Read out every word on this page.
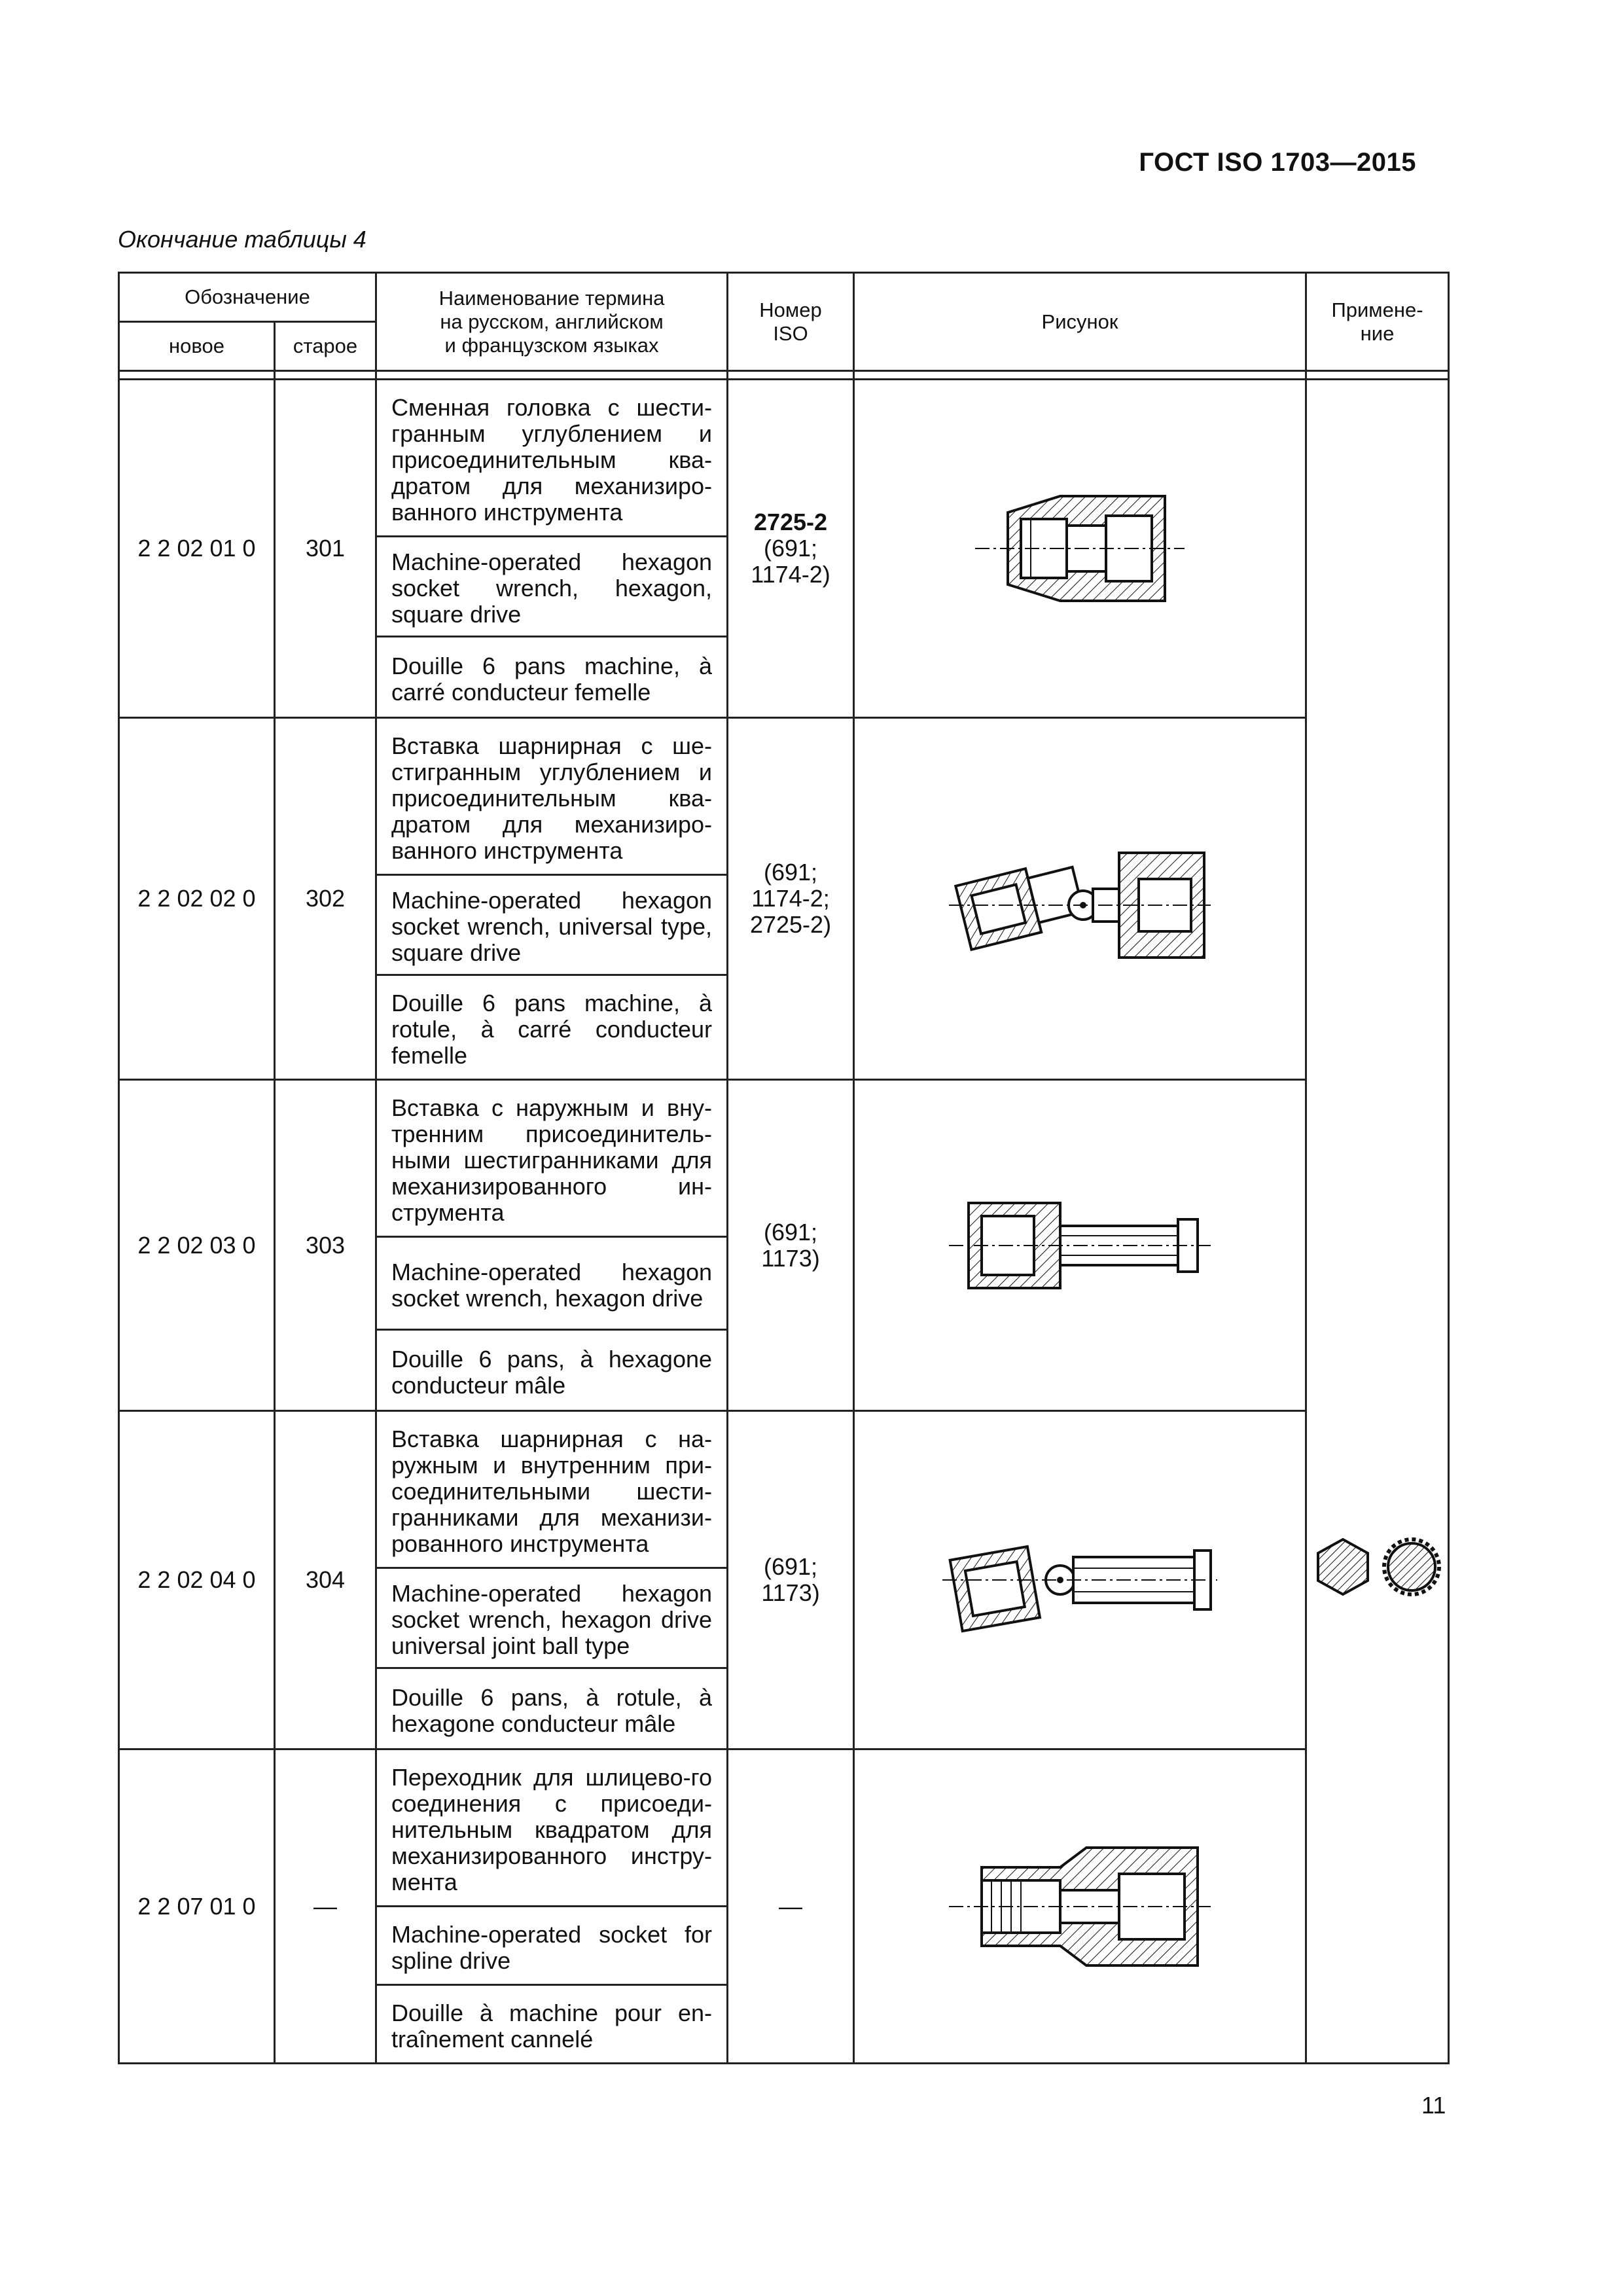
ГОСТ ISO 1703—2015
Окончание таблицы 4
Обозначение		Наименование термина
на русском, английском
и французском языках	Номер
ISO	Рисунок	Примене-
ние

новое	старое				

2 2 02 01 0	301	Сменная головка с шести-гранным углублением и присоединительным ква-дратом для механизиро-ванного инструмента	2725-2
(691;
1174-2)

		Machine-operated hexagon socket wrench, hexagon, square drive			
		Douille 6 pans machine, à carré conducteur femelle			
2 2 02 02 0	302	Вставка шарнирная с ше-стигранным углублением и присоединительным ква-дратом для механизиро-ванного инструмента	(691;
1174-2;
2725-2)

		Machine-operated hexagon socket wrench, universal type, square drive			
		Douille 6 pans machine, à rotule, à carré conducteur femelle			
2 2 02 03 0	303	Вставка с наружным и вну-тренним присоединитель-ными шестигранниками для механизированного ин-струмента	(691;
1173)

		Machine-operated hexagon socket wrench, hexagon drive			
		Douille 6 pans, à hexagone conducteur mâle			
2 2 02 04 0	304	Вставка шарнирная с на-ружным и внутренним при-соединительными шести-гранниками для механизи-рованного инструмента	(691;
1173)

		Machine-operated hexagon socket wrench, hexagon drive universal joint ball type			
		Douille 6 pans, à rotule, à hexagone conducteur mâle			
2 2 07 01 0	—	Переходник для шлицево-го соединения с присоеди-нительным квадратом для механизированного инстру-мента	—

		Machine-operated socket for spline drive			
		Douille à machine pour en-traînement cannelé			
11
